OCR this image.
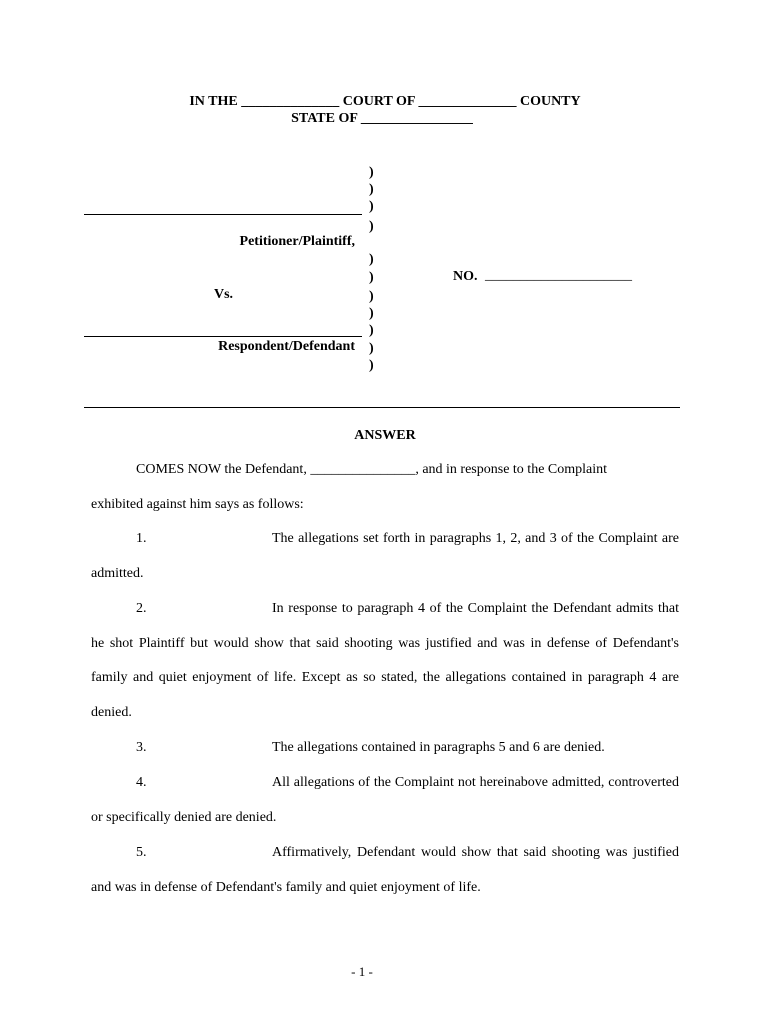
IN THE ______________ COURT OF ______________ COUNTY
STATE OF ________________
)
)
)
)
)
)
)
)
)
)
)
Petitioner/Plaintiff,
Vs.
Respondent/Defendant
NO. _____________________
ANSWER
COMES NOW the Defendant, _______________, and in response to the Complaint
exhibited against him says as follows:
1.	The allegations set forth in paragraphs 1, 2, and 3 of the Complaint are admitted.
2.	In response to paragraph 4 of the Complaint the Defendant admits that he shot Plaintiff but would show that said shooting was justified and was in defense of Defendant's family and quiet enjoyment of life. Except as so stated, the allegations contained in paragraph 4 are denied.
3.	The allegations contained in paragraphs 5 and 6 are denied.
4.	All allegations of the Complaint not hereinabove admitted, controverted or specifically denied are denied.
5.	Affirmatively, Defendant would show that said shooting was justified and was in defense of Defendant's family and quiet enjoyment of life.
- 1 -
